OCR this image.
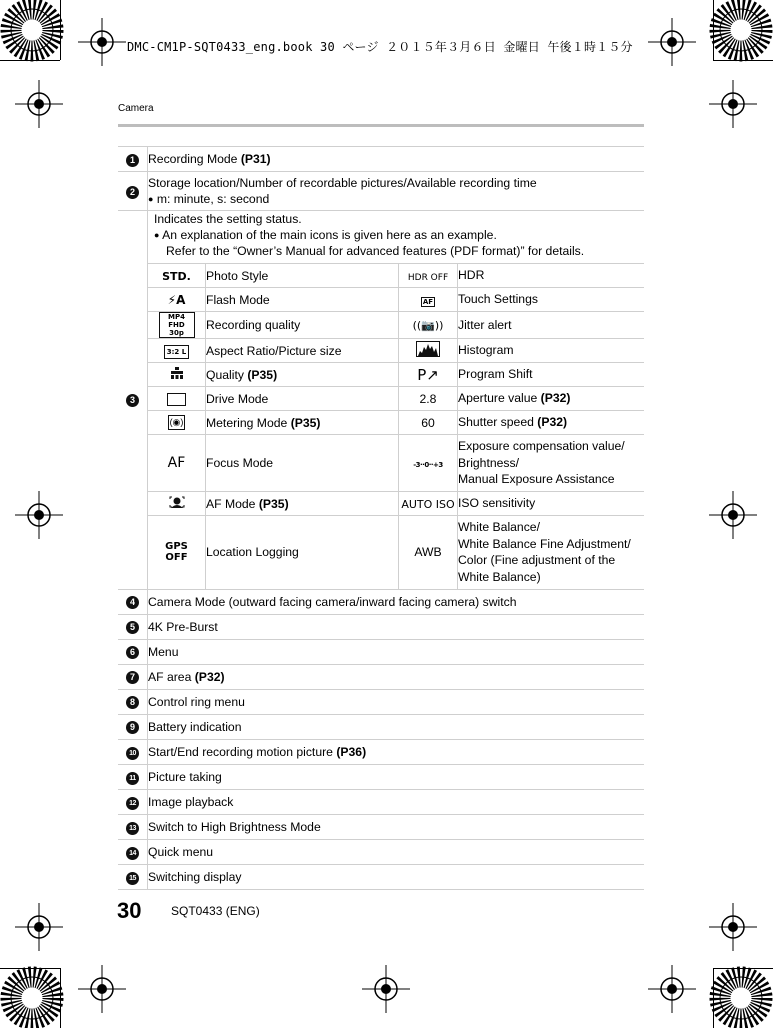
DMC-CM1P-SQT0433_eng.book 30 ページ ２０１５年３月６日 金曜日 午後１時１５分
Camera
1	Recording Mode (P31)
2	
Storage location/Number of recordable pictures/Available recording time
● m: minute, s: second

3	
Indicates the setting status.
● An explanation of the main icons is given here as an example.
Refer to the “Owner’s Manual for advanced features (PDF format)” for details.
STD.	Photo Style	HDR OFF	HDR
⚡A	Flash Mode	AF	Touch Settings
MP4 FHD 30p	Recording quality	((📷))	Jitter alert
3:2 L	Aspect Ratio/Picture size		Histogram
	Quality (P35)	P↗	Program Shift
	Drive Mode	2.8	Aperture value (P32)
(◉)	Metering Mode (P35)	60	Shutter speed (P32)
AF	Focus Mode	-3··0··+3	Exposure compensation value/
Brightness/
Manual Exposure Assistance
	AF Mode (P35)	AUTO ISO	ISO sensitivity
GPS OFF	Location Logging	AWB	White Balance/
White Balance Fine Adjustment/
Color (Fine adjustment of the White Balance)

4	Camera Mode (outward facing camera/inward facing camera) switch
5	4K Pre-Burst
6	Menu
7	AF area (P32)
8	Control ring menu
9	Battery indication
10	Start/End recording motion picture (P36)
11	Picture taking
12	Image playback
13	Switch to High Brightness Mode
14	Quick menu
15	Switching display
30 SQT0433 (ENG)
